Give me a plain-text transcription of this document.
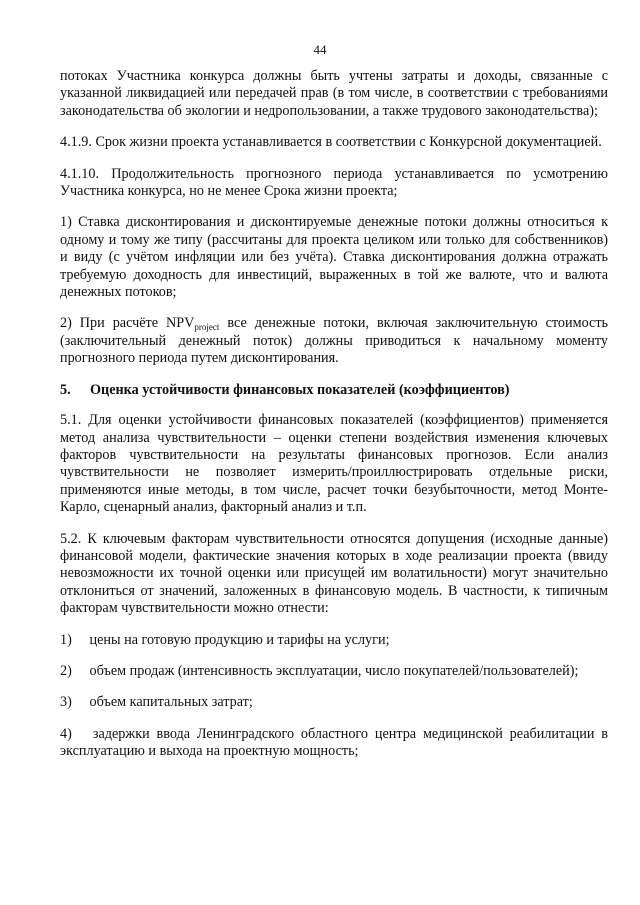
44

потоках Участника конкурса должны быть учтены затраты и доходы, связанные с указанной ликвидацией или передачей прав (в том числе, в соответствии с требованиями законодательства об экологии и недропользовании, а также трудового законодательства);

4.1.9. Срок жизни проекта устанавливается в соответствии с Конкурсной документацией.

4.1.10. Продолжительность прогнозного периода устанавливается по усмотрению Участника конкурса, но не менее Срока жизни проекта;

1) Ставка дисконтирования и дисконтируемые денежные потоки должны относиться к одному и тому же типу (рассчитаны для проекта целиком или только для собственников) и виду (с учётом инфляции или без учёта). Ставка дисконтирования должна отражать требуемую доходность для инвестиций, выраженных в той же валюте, что и валюта денежных потоков;

2) При расчёте $NPV_{project}$ все денежные потоки, включая заключительную стоимость (заключительный денежный поток) должны приводиться к начальному моменту прогнозного периода путем дисконтирования.

5. Оценка устойчивости финансовых показателей (коэффициентов)

5.1. Для оценки устойчивости финансовых показателей (коэффициентов) применяется метод анализа чувствительности – оценки степени воздействия изменения ключевых факторов чувствительности на результаты финансовых прогнозов. Если анализ чувствительности не позволяет измерить/проиллюстрировать отдельные риски, применяются иные методы, в том числе, расчет точки безубыточности, метод Монте-Карло, сценарный анализ, факторный анализ и т.п.

5.2. К ключевым факторам чувствительности относятся допущения (исходные данные) финансовой модели, фактические значения которых в ходе реализации проекта (ввиду невозможности их точной оценки или присущей им волатильности) могут значительно отклониться от значений, заложенных в финансовую модель. В частности, к типичным факторам чувствительности можно отнести:

1) цены на готовую продукцию и тарифы на услуги;

2) объем продаж (интенсивность эксплуатации, число покупателей/пользователей);

3) объем капитальных затрат;

4) задержки ввода Ленинградского областного центра медицинской реабилитации в эксплуатацию и выхода на проектную мощность;
